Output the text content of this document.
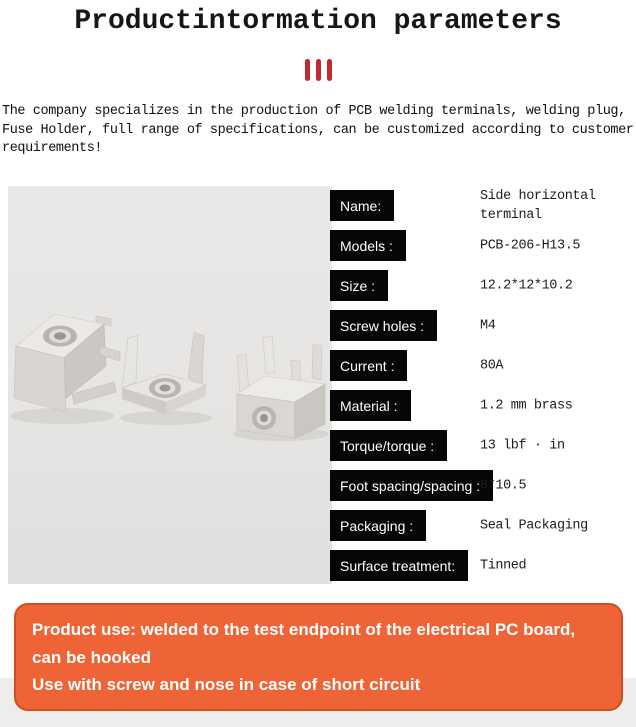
Productintormation parameters

The company specializes in the production of PCB welding terminals, welding plug, Fuse Holder, full range of specifications, can be customized according to customer requirements!

Name:
Side horizontal terminal
Models :	PCB-206-H13.5
Size :	12.2*12*10.2
Screw holes :	M4
Current :	80A
Material :	1.2 mm brass
Torque/torque :	13 lbf · in
Foot spacing/spacing : 8*10.5
Packaging :	Seal Packaging
Surface treatment: Tinned

Product use: welded to the test endpoint of the electrical PC board, can be hooked

Use with screw and nose in case of short circuit
